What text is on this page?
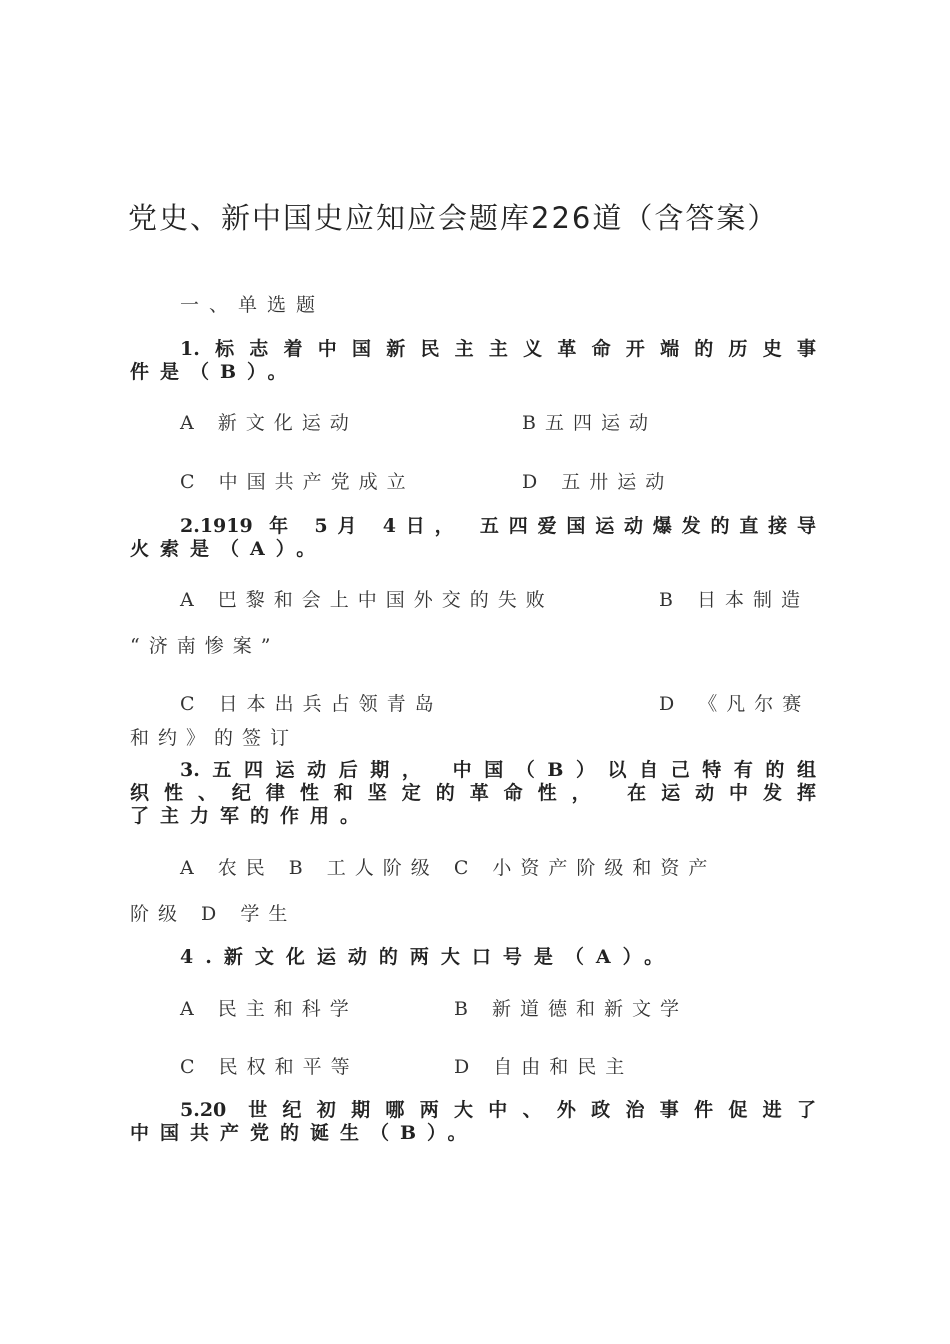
党史、新中国史应知应会题库226道（含答案）
一、单选题
1.标志着中国新民主主义革命开端的历史事
件是（B）。
A 新文化运动	B五四运动
C 中国共产党成立	D 五卅运动
2.1919 年 5月 4日， 五四爱国运动爆发的直接导
火索是（A）。
A 巴黎和会上中国外交的失败	B 日本制造
“济南惨案”
C 日本出兵占领青岛	D 《凡尔赛
和约》的签订
3.五四运动后期， 中国（B）以自己特有的组
织性、纪律性和坚定的革命性， 在运动中发挥
了主力军的作用。
A 农民 B 工人阶级 C 小资产阶级和资产
阶级 D 学生
4.新文化运动的两大口号是（A）。
A 民主和科学	B 新道德和新文学
C 民权和平等	D 自由和民主
5.20 世纪初期哪两大中、外政治事件促进了
中国共产党的诞生（B）。
